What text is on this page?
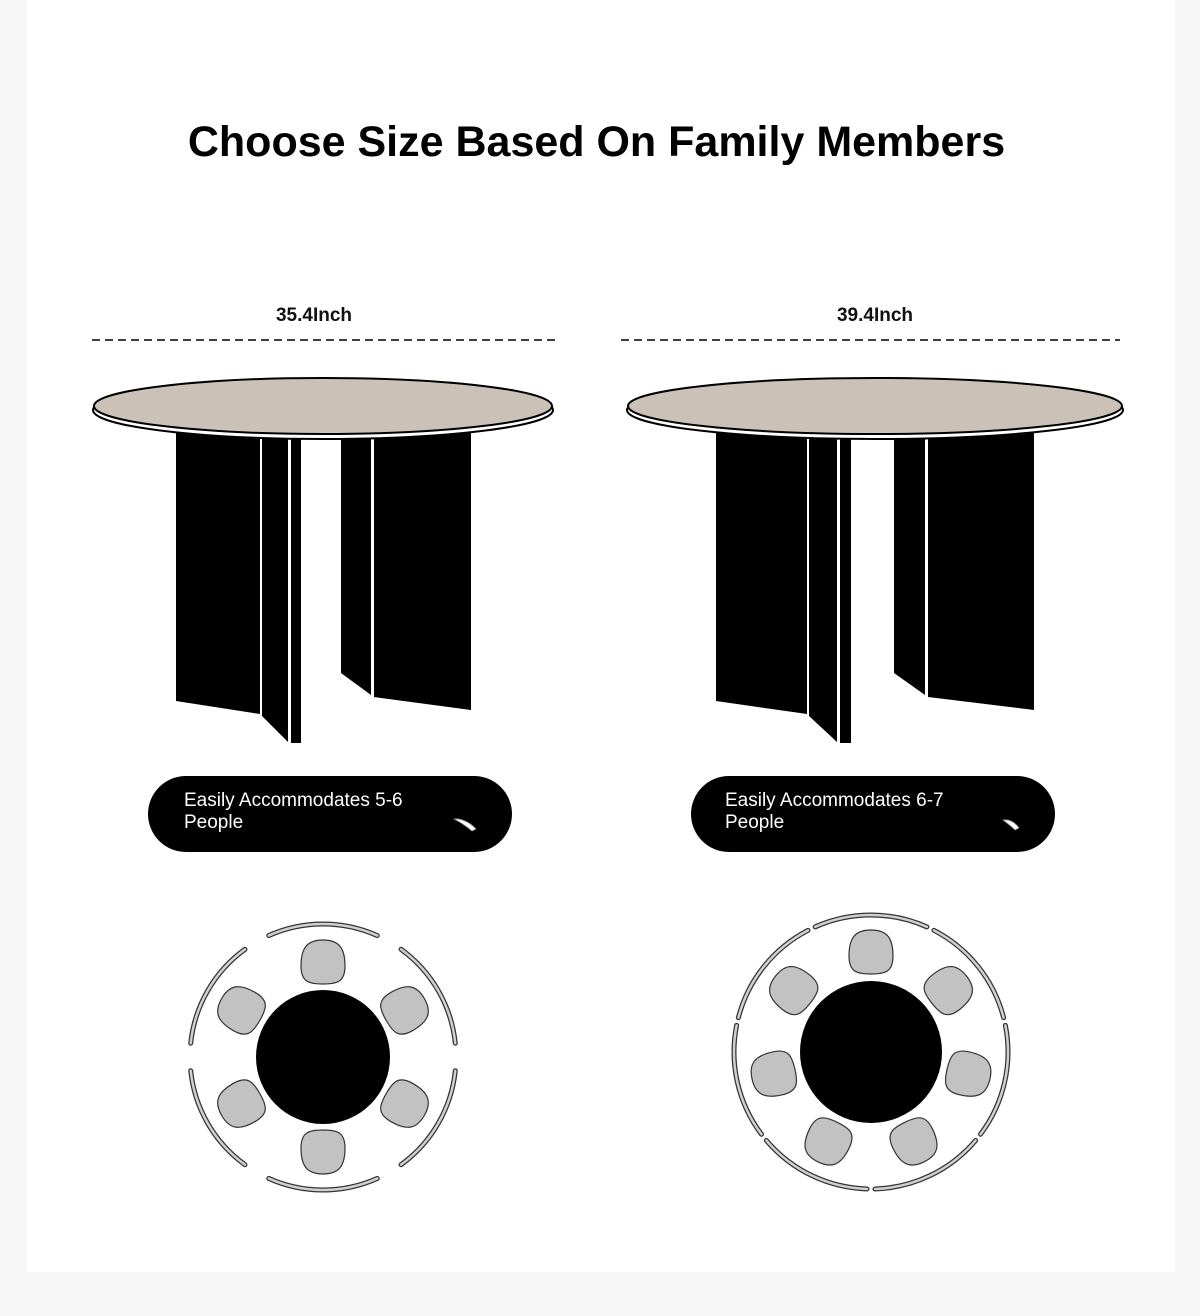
Choose Size Based On Family Members
35.4Inch	39.4Inch
Easily Accommodates 5-6 People
Easily Accommodates 6-7 People
